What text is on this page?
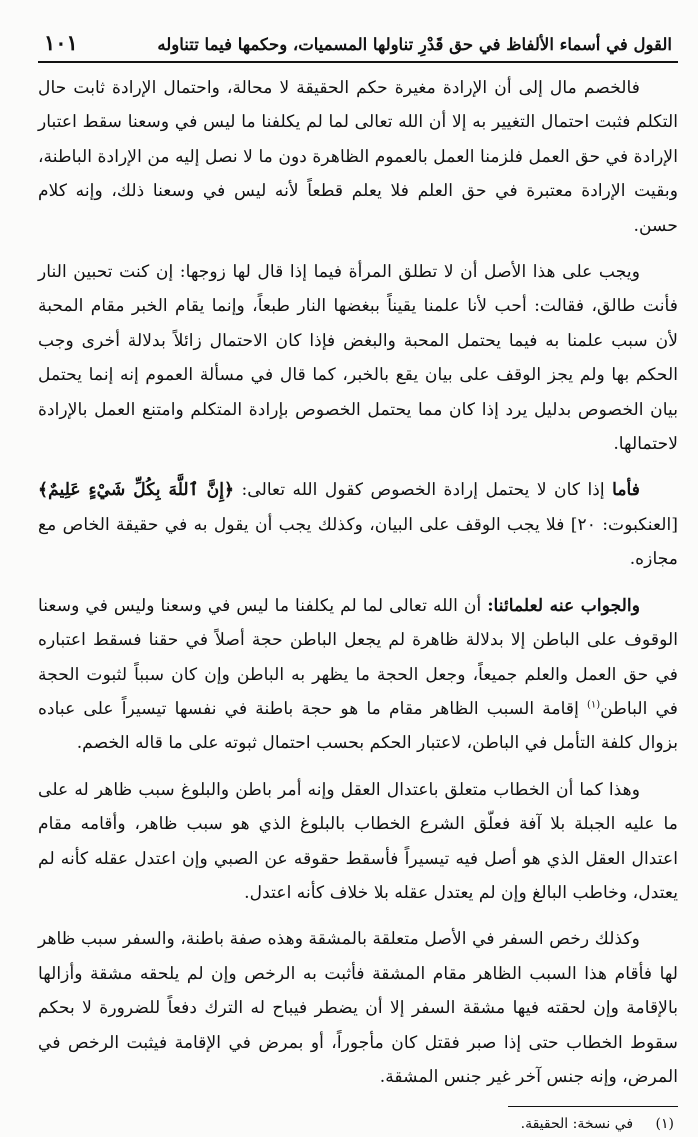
القول في أسماء الألفاظ في حق قَدْرِ تناولها المسميات، وحكمها فيما تتناوله
١٠١

فالخصم مال إلى أن الإرادة مغيرة حكم الحقيقة لا محالة، واحتمال الإرادة ثابت حال التكلم فثبت احتمال التغيير به إلا أن الله تعالى لما لم يكلفنا ما ليس في وسعنا سقط اعتبار الإرادة في حق العمل فلزمنا العمل بالعموم الظاهرة دون ما لا نصل إليه من الإرادة الباطنة، وبقيت الإرادة معتبرة في حق العلم فلا يعلم قطعاً لأنه ليس في وسعنا ذلك، وإنه كلام حسن.

ويجب على هذا الأصل أن لا تطلق المرأة فيما إذا قال لها زوجها: إن كنت تحبين النار فأنت طالق، فقالت: أحب لأنا علمنا يقيناً ببغضها النار طبعاً، وإنما يقام الخبر مقام المحبة لأن سبب علمنا به فيما يحتمل المحبة والبغض فإذا كان الاحتمال زائلاً بدلالة أخرى وجب الحكم بها ولم يجز الوقف على بيان يقع بالخبر، كما قال في مسألة العموم إنه إنما يحتمل بيان الخصوص بدليل يرد إذا كان مما يحتمل الخصوص بإرادة المتكلم وامتنع العمل بالإرادة لاحتمالها.

فأما إذا كان لا يحتمل إرادة الخصوص كقول الله تعالى: ﴿إِنَّ ٱللَّهَ بِكُلِّ شَيْءٍ عَلِيمٌ﴾ [العنكبوت: ٢٠] فلا يجب الوقف على البيان، وكذلك يجب أن يقول به في حقيقة الخاص مع مجازه.

والجواب عنه لعلمائنا: أن الله تعالى لما لم يكلفنا ما ليس في وسعنا وليس في وسعنا الوقوف على الباطن إلا بدلالة ظاهرة لم يجعل الباطن حجة أصلاً في حقنا فسقط اعتباره في حق العمل والعلم جميعاً، وجعل الحجة ما يظهر به الباطن وإن كان سبباً لثبوت الحجة في الباطن$^{(١)}$ إقامة السبب الظاهر مقام ما هو حجة باطنة في نفسها تيسيراً على عباده بزوال كلفة التأمل في الباطن، لاعتبار الحكم بحسب احتمال ثبوته على ما قاله الخصم.

وهذا كما أن الخطاب متعلق باعتدال العقل وإنه أمر باطن والبلوغ سبب ظاهر له على ما عليه الجبلة بلا آفة فعلّق الشرع الخطاب بالبلوغ الذي هو سبب ظاهر، وأقامه مقام اعتدال العقل الذي هو أصل فيه تيسيراً فأسقط حقوقه عن الصبي وإن اعتدل عقله كأنه لم يعتدل، وخاطب البالغ وإن لم يعتدل عقله بلا خلاف كأنه اعتدل.

وكذلك رخص السفر في الأصل متعلقة بالمشقة وهذه صفة باطنة، والسفر سبب ظاهر لها فأقام هذا السبب الظاهر مقام المشقة فأثبت به الرخص وإن لم يلحقه مشقة وأزالها بالإقامة وإن لحقته فيها مشقة السفر إلا أن يضطر فيباح له الترك دفعاً للضرورة لا بحكم سقوط الخطاب حتى إذا صبر فقتل كان مأجوراً، أو بمرض في الإقامة فيثبت الرخص في المرض، وإنه جنس آخر غير جنس المشقة.

(١) في نسخة: الحقيقة.
